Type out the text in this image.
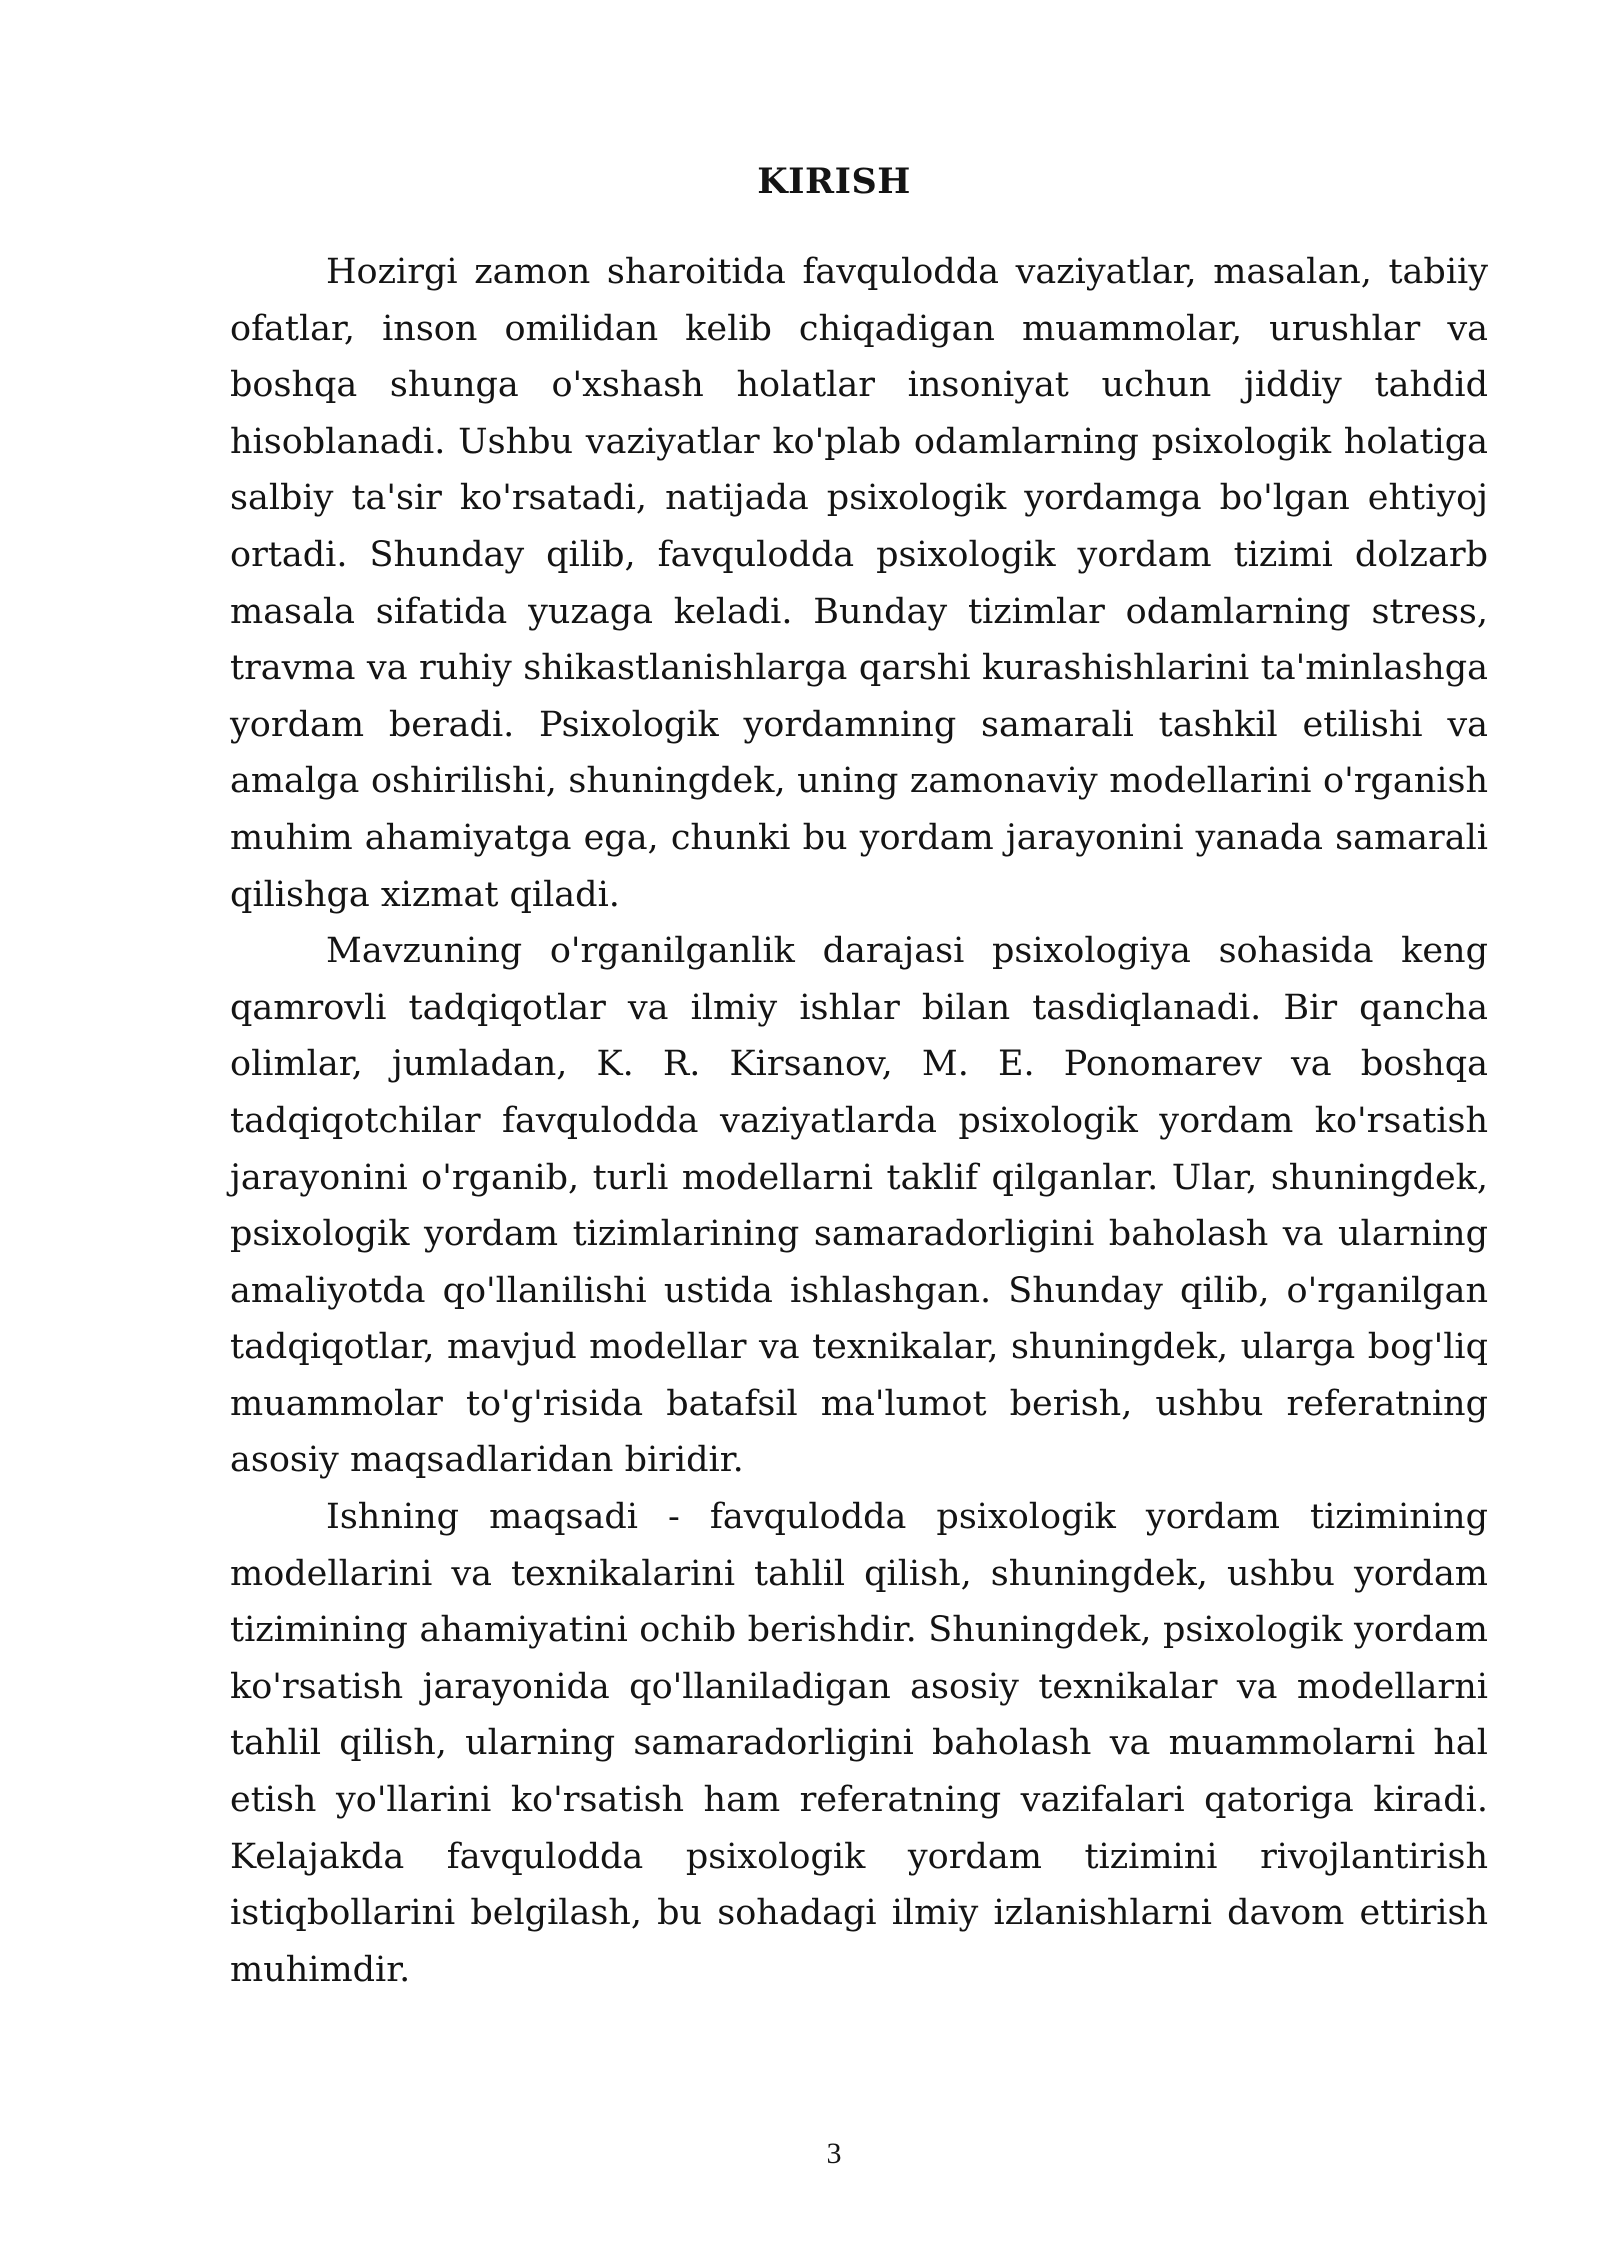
KIRISH

Hozirgi zamon sharoitida favqulodda vaziyatlar, masalan, tabiiy ofatlar, inson omilidan kelib chiqadigan muammolar, urushlar va boshqa shunga o'xshash holatlar insoniyat uchun jiddiy tahdid hisoblanadi. Ushbu vaziyatlar ko'plab odamlarning psixologik holatiga salbiy ta'sir ko'rsatadi, natijada psixologik yordamga bo'lgan ehtiyoj ortadi. Shunday qilib, favqulodda psixologik yordam tizimi dolzarb masala sifatida yuzaga keladi. Bunday tizimlar odamlarning stress, travma va ruhiy shikastlanishlarga qarshi kurashishlarini ta'minlashga yordam beradi. Psixologik yordamning samarali tashkil etilishi va amalga oshirilishi, shuningdek, uning zamonaviy modellarini o'rganish muhim ahamiyatga ega, chunki bu yordam jarayonini yanada samarali qilishga xizmat qiladi.

Mavzuning o'rganilganlik darajasi psixologiya sohasida keng qamrovli tadqiqotlar va ilmiy ishlar bilan tasdiqlanadi. Bir qancha olimlar, jumladan, K. R. Kirsanov, M. E. Ponomarev va boshqa tadqiqotchilar favqulodda vaziyatlarda psixologik yordam ko'rsatish jarayonini o'rganib, turli modellarni taklif qilganlar. Ular, shuningdek, psixologik yordam tizimlarining samaradorligini baholash va ularning amaliyotda qo'llanilishi ustida ishlashgan. Shunday qilib, o'rganilgan tadqiqotlar, mavjud modellar va texnikalar, shuningdek, ularga bog'liq muammolar to'g'risida batafsil ma'lumot berish, ushbu referatning asosiy maqsadlaridan biridir.

Ishning maqsadi - favqulodda psixologik yordam tizimining modellarini va texnikalarini tahlil qilish, shuningdek, ushbu yordam tizimining ahamiyatini ochib berishdir. Shuningdek, psixologik yordam ko'rsatish jarayonida qo'llaniladigan asosiy texnikalar va modellarni tahlil qilish, ularning samaradorligini baholash va muammolarni hal etish yo'llarini ko'rsatish ham referatning vazifalari qatoriga kiradi. Kelajakda favqulodda psixologik yordam tizimini rivojlantirish istiqbollarini belgilash, bu sohadagi ilmiy izlanishlarni davom ettirish muhimdir.

3
